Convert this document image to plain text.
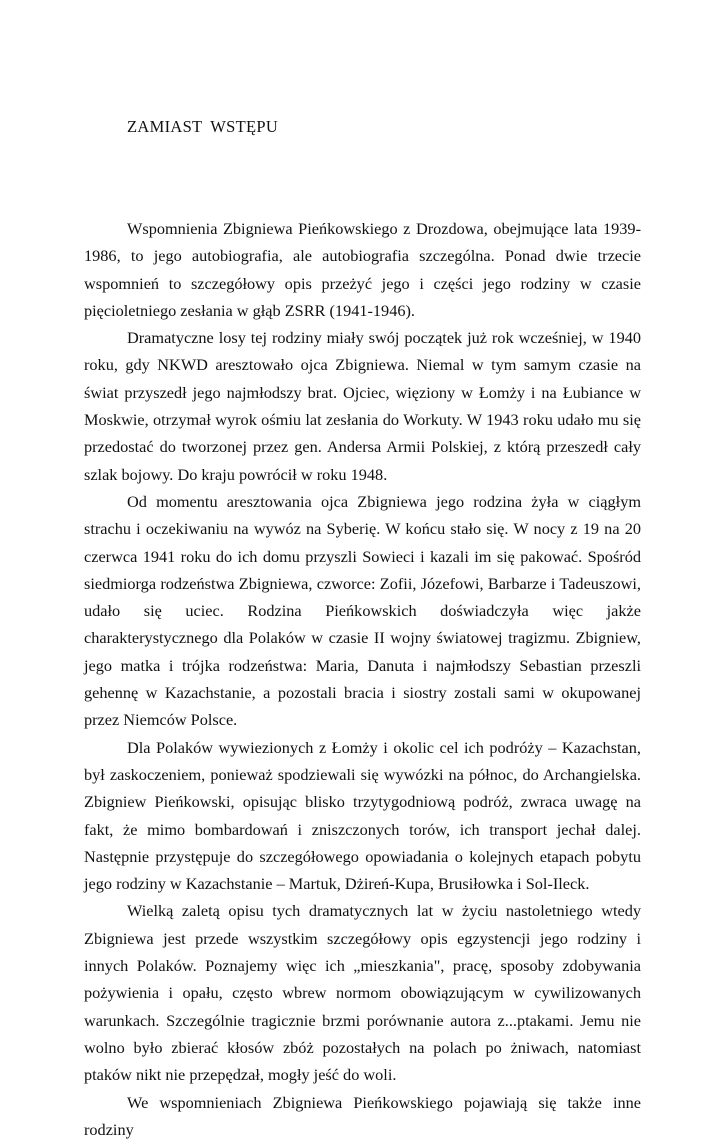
ZAMIAST WSTĘPU

Wspomnienia Zbigniewa Pieńkowskiego z Drozdowa, obejmujące lata 1939-1986, to jego autobiografia, ale autobiografia szczególna. Ponad dwie trzecie wspomnień to szczegółowy opis przeżyć jego i części jego rodziny w czasie pięcioletniego zesłania w głąb ZSRR (1941-1946).

Dramatyczne losy tej rodziny miały swój początek już rok wcześniej, w 1940 roku, gdy NKWD aresztowało ojca Zbigniewa. Niemal w tym samym czasie na świat przyszedł jego najmłodszy brat. Ojciec, więziony w Łomży i na Łubiance w Moskwie, otrzymał wyrok ośmiu lat zesłania do Workuty. W 1943 roku udało mu się przedostać do tworzonej przez gen. Andersa Armii Polskiej, z którą przeszedł cały szlak bojowy. Do kraju powrócił w roku 1948.

Od momentu aresztowania ojca Zbigniewa jego rodzina żyła w ciągłym strachu i oczekiwaniu na wywóz na Syberię. W końcu stało się. W nocy z 19 na 20 czerwca 1941 roku do ich domu przyszli Sowieci i kazali im się pakować. Spośród siedmiorga rodzeństwa Zbigniewa, czworce: Zofii, Józefowi, Barbarze i Tadeuszowi, udało się uciec. Rodzina Pieńkowskich doświadczyła więc jakże charakterystycznego dla Polaków w czasie II wojny światowej tragizmu. Zbigniew, jego matka i trójka rodzeństwa: Maria, Danuta i najmłodszy Sebastian przeszli gehennę w Kazachstanie, a pozostali bracia i siostry zostali sami w okupowanej przez Niemców Polsce.

Dla Polaków wywiezionych z Łomży i okolic cel ich podróży – Kazachstan, był zaskoczeniem, ponieważ spodziewali się wywózki na północ, do Archangielska. Zbigniew Pieńkowski, opisując blisko trzytygodniową podróż, zwraca uwagę na fakt, że mimo bombardowań i zniszczonych torów, ich transport jechał dalej. Następnie przystępuje do szczegółowego opowiadania o kolejnych etapach pobytu jego rodziny w Kazachstanie – Martuk, Dżireń-Kupa, Brusiłowka i Sol-Ileck.

Wielką zaletą opisu tych dramatycznych lat w życiu nastoletniego wtedy Zbigniewa jest przede wszystkim szczegółowy opis egzystencji jego rodziny i innych Polaków. Poznajemy więc ich „mieszkania", pracę, sposoby zdobywania pożywienia i opału, często wbrew normom obowiązującym w cywilizowanych warunkach. Szczególnie tragicznie brzmi porównanie autora z...ptakami. Jemu nie wolno było zbierać kłosów zbóż pozostałych na polach po żniwach, natomiast ptaków nikt nie przepędzał, mogły jeść do woli.

We wspomnieniach Zbigniewa Pieńkowskiego pojawiają się także inne rodziny
